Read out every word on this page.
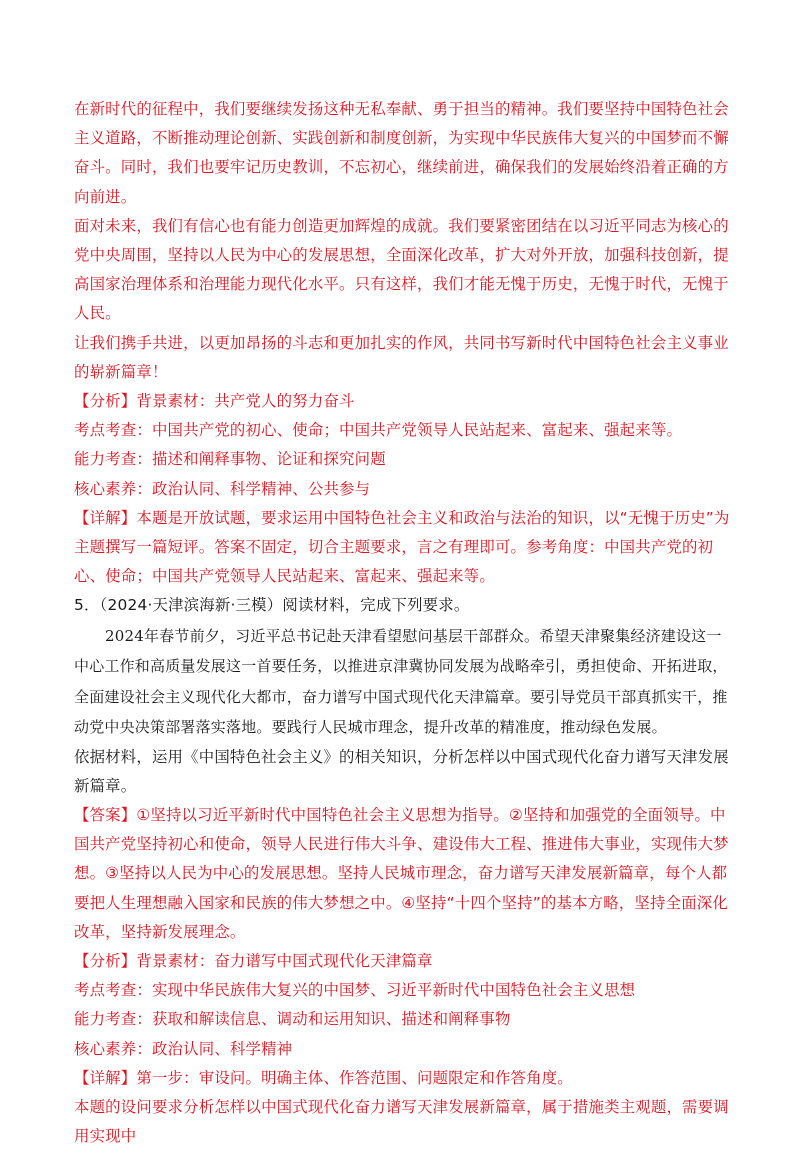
在新时代的征程中，我们要继续发扬这种无私奉献、勇于担当的精神。我们要坚持中国特色社会主义道路，不断推动理论创新、实践创新和制度创新，为实现中华民族伟大复兴的中国梦而不懈奋斗。同时，我们也要牢记历史教训，不忘初心，继续前进，确保我们的发展始终沿着正确的方向前进。

面对未来，我们有信心也有能力创造更加辉煌的成就。我们要紧密团结在以习近平同志为核心的党中央周围，坚持以人民为中心的发展思想，全面深化改革，扩大对外开放，加强科技创新，提高国家治理体系和治理能力现代化水平。只有这样，我们才能无愧于历史，无愧于时代，无愧于人民。

让我们携手共进，以更加昂扬的斗志和更加扎实的作风，共同书写新时代中国特色社会主义事业的崭新篇章！

【分析】背景素材：共产党人的努力奋斗

考点考查：中国共产党的初心、使命；中国共产党领导人民站起来、富起来、强起来等。

能力考查：描述和阐释事物、论证和探究问题

核心素养：政治认同、科学精神、公共参与

【详解】本题是开放试题，要求运用中国特色社会主义和政治与法治的知识，以“无愧于历史”为主题撰写一篇短评。答案不固定，切合主题要求，言之有理即可。参考角度：中国共产党的初心、使命；中国共产党领导人民站起来、富起来、强起来等。

5．（2024·天津滨海新·三模）阅读材料，完成下列要求。

2024年春节前夕，习近平总书记赴天津看望慰问基层干部群众。希望天津聚集经济建设这一中心工作和高质量发展这一首要任务，以推进京津冀协同发展为战略牵引，勇担使命、开拓进取，全面建设社会主义现代化大都市，奋力谱写中国式现代化天津篇章。要引导党员干部真抓实干，推动党中央决策部署落实落地。要践行人民城市理念，提升改革的精准度，推动绿色发展。

依据材料，运用《中国特色社会主义》的相关知识，分析怎样以中国式现代化奋力谱写天津发展新篇章。

【答案】①坚持以习近平新时代中国特色社会主义思想为指导。②坚持和加强党的全面领导。中国共产党坚持初心和使命，领导人民进行伟大斗争、建设伟大工程、推进伟大事业，实现伟大梦想。③坚持以人民为中心的发展思想。坚持人民城市理念，奋力谱写天津发展新篇章，每个人都要把人生理想融入国家和民族的伟大梦想之中。④坚持“十四个坚持”的基本方略，坚持全面深化改革，坚持新发展理念。

【分析】背景素材：奋力谱写中国式现代化天津篇章

考点考查：实现中华民族伟大复兴的中国梦、习近平新时代中国特色社会主义思想

能力考查：获取和解读信息、调动和运用知识、描述和阐释事物

核心素养：政治认同、科学精神

【详解】第一步：审设问。明确主体、作答范围、问题限定和作答角度。

本题的设问要求分析怎样以中国式现代化奋力谱写天津发展新篇章，属于措施类主观题，需要调用实现中
